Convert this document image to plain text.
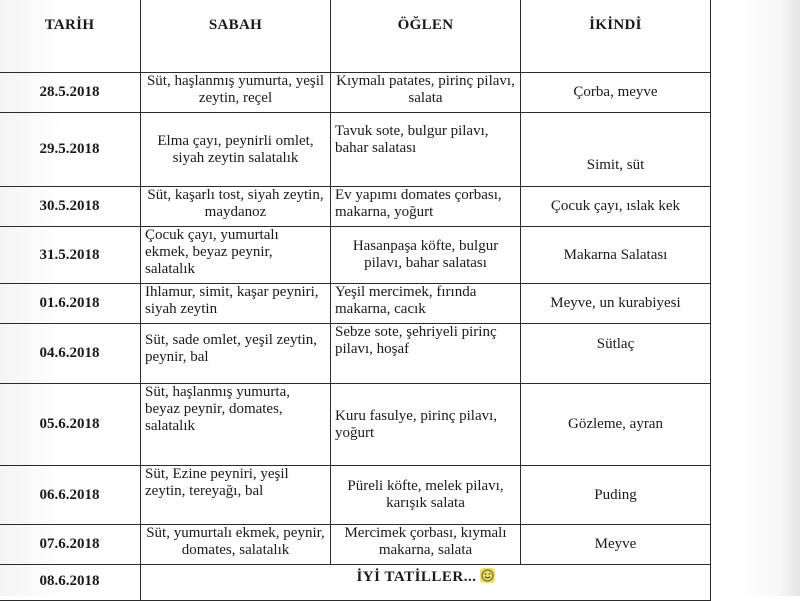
TARİH	SABAH	ÖĞLEN	İKİNDİ
28.5.2018	Süt, haşlanmış yumurta, yeşil zeytin, reçel	Kıymalı patates, pirinç pilavı, salata	Çorba, meyve
29.5.2018	Elma çayı, peynirli omlet, siyah zeytin salatalık	Tavuk sote, bulgur pilavı, bahar salatası	Simit, süt
30.5.2018	Süt, kaşarlı tost, siyah zeytin, maydanoz	Ev yapımı domates çorbası, makarna, yoğurt	Çocuk çayı, ıslak kek
31.5.2018	Çocuk çayı, yumurtalı ekmek, beyaz peynir, salatalık	Hasanpaşa köfte, bulgur pilavı, bahar salatası	Makarna Salatası
01.6.2018	Ihlamur, simit, kaşar peyniri, siyah zeytin	Yeşil mercimek, fırında makarna, cacık	Meyve, un kurabiyesi
04.6.2018	Süt, sade omlet, yeşil zeytin, peynir, bal	Sebze sote, şehriyeli pirinç pilavı, hoşaf	Sütlaç
05.6.2018	Süt, haşlanmış yumurta, beyaz peynir, domates, salatalık	Kuru fasulye, pirinç pilavı, yoğurt	Gözleme, ayran
06.6.2018	Süt, Ezine peyniri, yeşil zeytin, tereyağı, bal	Püreli köfte, melek pilavı, karışık salata	Puding
07.6.2018	Süt, yumurtalı ekmek, peynir, domates, salatalık	Mercimek çorbası, kıymalı makarna, salata	Meyve
08.6.2018	İYİ TATİLLER...		
